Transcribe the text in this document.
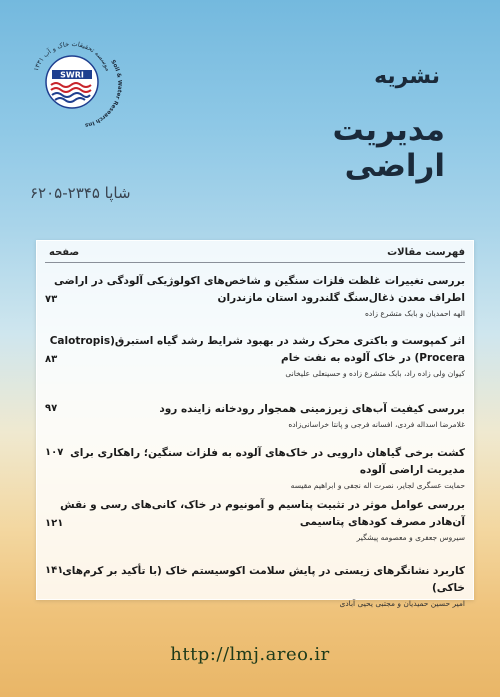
SWRI
موسسه تحقیقات خاک و آب ۱۳۳۱
Soil & Water Research Ins
نشریه
مدیریت اراضی
شاپا ۲۳۴۵-۶۲۰۵
فهرست مقالات
صفحه
بررسی تغییرات غلظت فلزات سنگین و شاخص‌های اکولوژیکی آلودگی در اراضی اطراف معدن ذغال‌سنگ گلندرود استان مازندران
الهه احمدیان و بابک متشرع زاده
۷۳
اثر کمپوست و باکتری محرک رشد در بهبود شرایط رشد گیاه استبرق(Calotropis Procera) در خاک آلوده به نفت خام
کیوان ولی زاده راد، بابک متشرع زاده و حسینعلی علیخانی
۸۳
بررسی کیفیت آب‌های زیرزمینی همجوار رودخانه زاینده رود
غلامرضا اسداله فردی، افسانه فرجی و پانتا خراسانی‌زاده
۹۷
کشت برخی گیاهان دارویی در خاک‌های آلوده به فلزات سنگین؛ راهکاری برای مدیریت اراضی آلوده
حمایت عسگری لجایر، نصرت اله نجفی و ابراهیم مقیسه
۱۰۷
بررسی عوامل موثر در تثبیت پتاسیم و آمونیوم در خاک، کانی‌های رسی و نقش آن‌هادر مصرف کودهای پتاسیمی
سیروس جعفری و معصومه پیشگیر
۱۲۱
کاربرد نشانگرهای زیستی در پایش سلامت اکوسیستم خاک (با تأکید بر کرم‌های خاکی)
امیر حسین حمیدیان و مجتبی یحیی آبادی
۱۴۱
http://lmj.areo.ir
